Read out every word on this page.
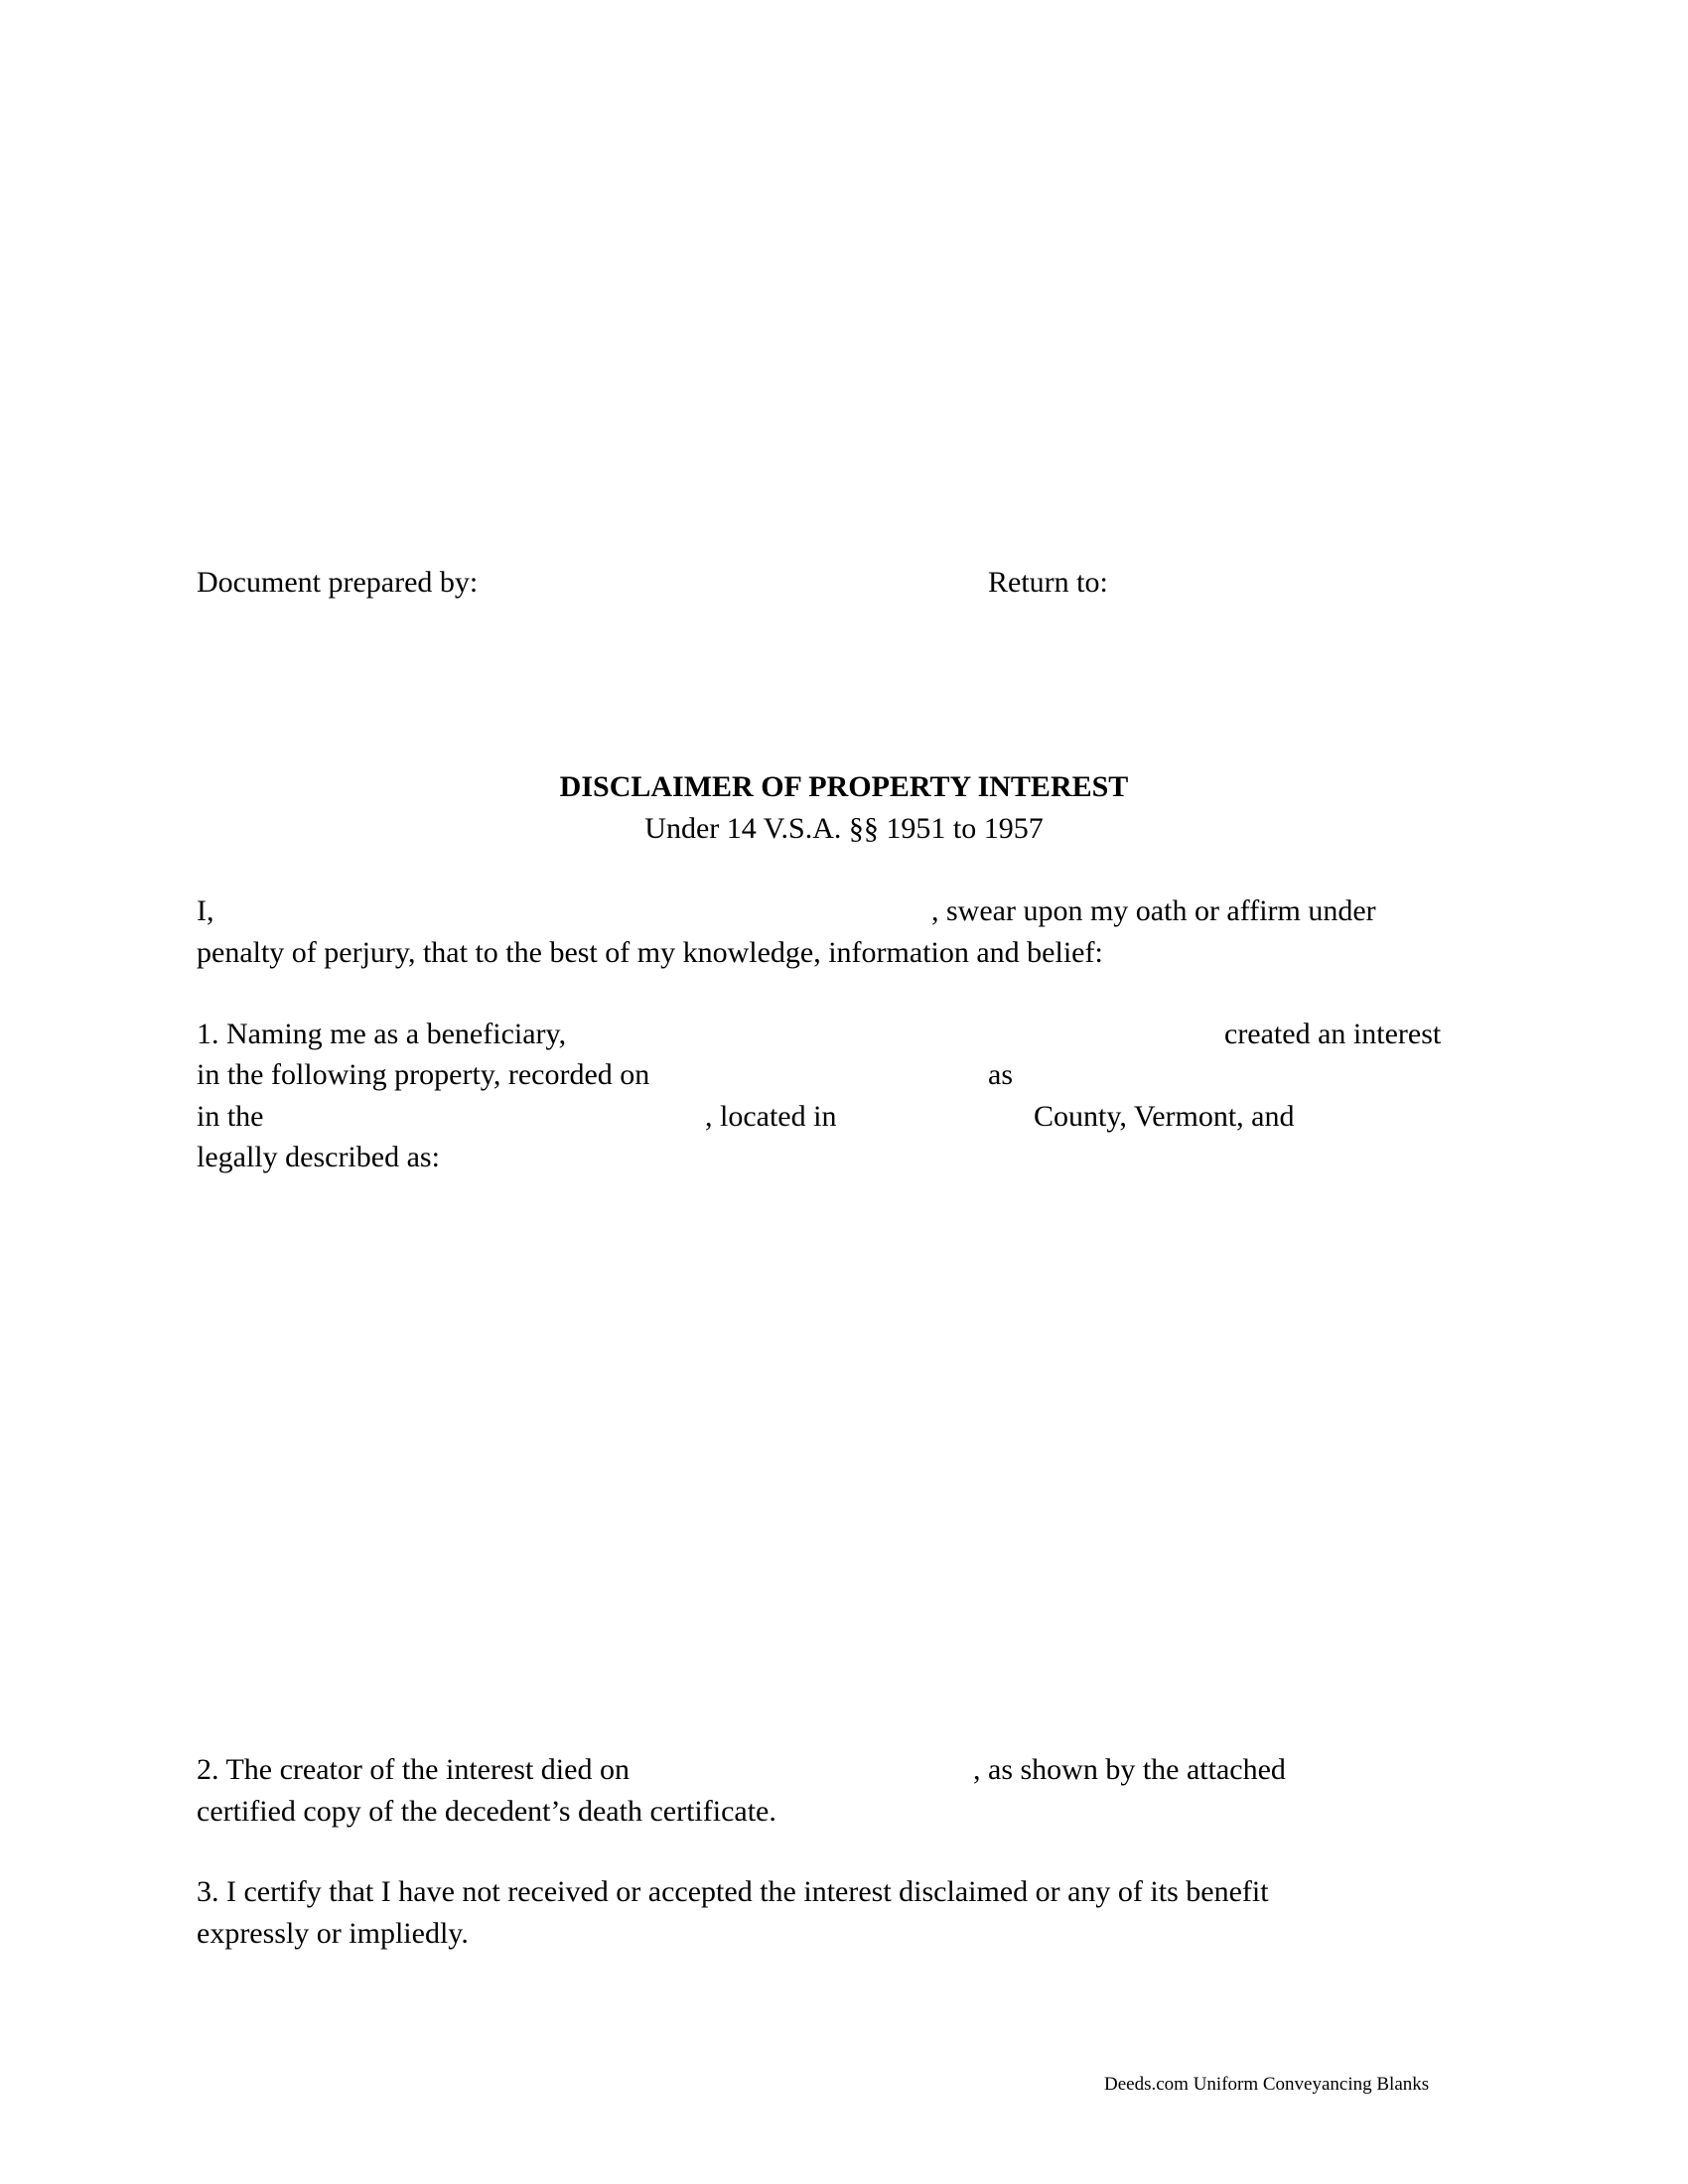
Document prepared by:	Return to:
DISCLAIMER OF PROPERTY INTEREST
Under 14 V.S.A. §§ 1951 to 1957
I,	, swear upon my oath or affirm under
penalty of perjury, that to the best of my knowledge, information and belief:
1. Naming me as a beneficiary,	created an interest
in the following property, recorded on	as
in the	, located in	County, Vermont, and
legally described as:
2. The creator of the interest died on	, as shown by the attached
certified copy of the decedent’s death certificate.
3. I certify that I have not received or accepted the interest disclaimed or any of its benefit
expressly or impliedly.
Deeds.com Uniform Conveyancing Blanks
